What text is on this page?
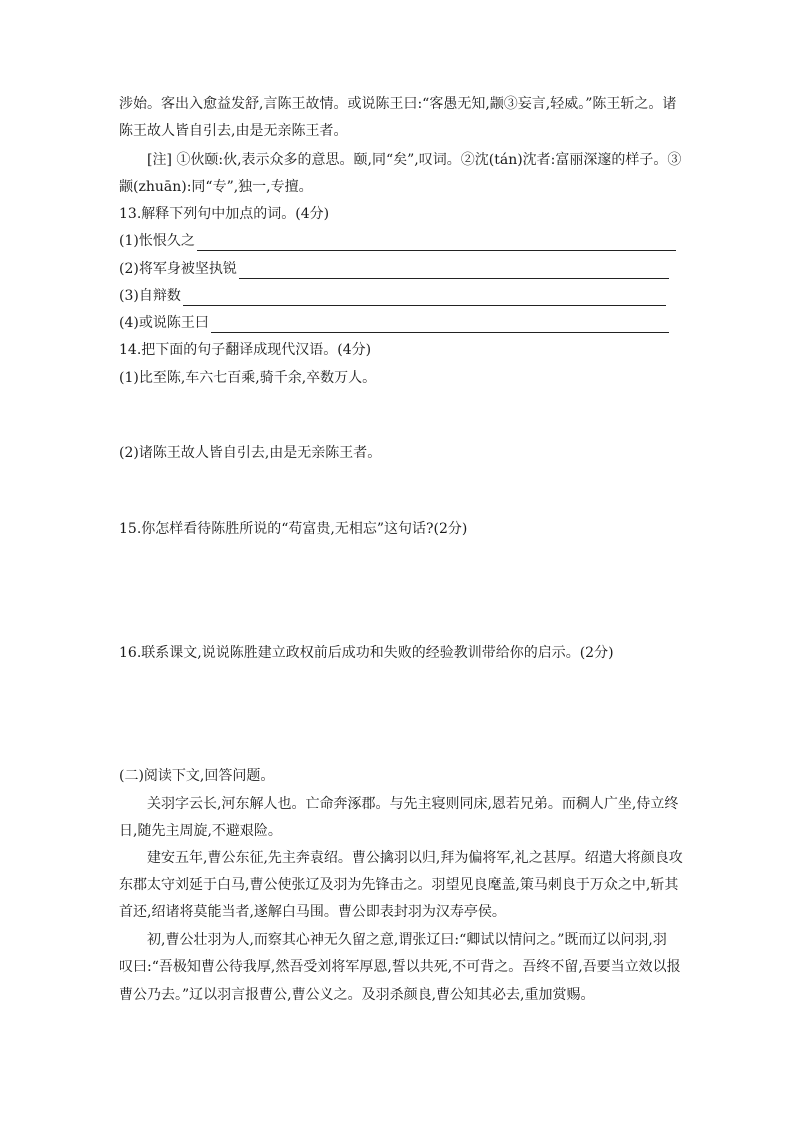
涉始。客出入愈益发舒,言陈王故情。或说陈王曰:“客愚无知,颛③妄言,轻威。”陈王斩之。诸
陈王故人皆自引去,由是无亲陈王者。
[注] ①伙颐:伙,表示众多的意思。颐,同“矣”,叹词。②沈(tán)沈者:富丽深邃的样子。③
颛(zhuān):同“专”,独一,专擅。
13.解释下列句中加点的词。(4分)
(1)怅恨久之
(2)将军身被坚执锐
(3)自辩数
(4)或说陈王曰
14.把下面的句子翻译成现代汉语。(4分)
(1)比至陈,车六七百乘,骑千余,卒数万人。
(2)诸陈王故人皆自引去,由是无亲陈王者。
15.你怎样看待陈胜所说的“苟富贵,无相忘”这句话?(2分)
16.联系课文,说说陈胜建立政权前后成功和失败的经验教训带给你的启示。(2分)
(二)阅读下文,回答问题。
关羽字云长,河东解人也。亡命奔涿郡。与先主寝则同床,恩若兄弟。而稠人广坐,侍立终
日,随先主周旋,不避艰险。
建安五年,曹公东征,先主奔袁绍。曹公擒羽以归,拜为偏将军,礼之甚厚。绍遣大将颜良攻
东郡太守刘延于白马,曹公使张辽及羽为先锋击之。羽望见良麾盖,策马刺良于万众之中,斩其
首还,绍诸将莫能当者,遂解白马围。曹公即表封羽为汉寿亭侯。
初,曹公壮羽为人,而察其心神无久留之意,谓张辽曰:“卿试以情问之。”既而辽以问羽,羽
叹曰:“吾极知曹公待我厚,然吾受刘将军厚恩,誓以共死,不可背之。吾终不留,吾要当立效以报
曹公乃去。”辽以羽言报曹公,曹公义之。及羽杀颜良,曹公知其必去,重加赏赐。
